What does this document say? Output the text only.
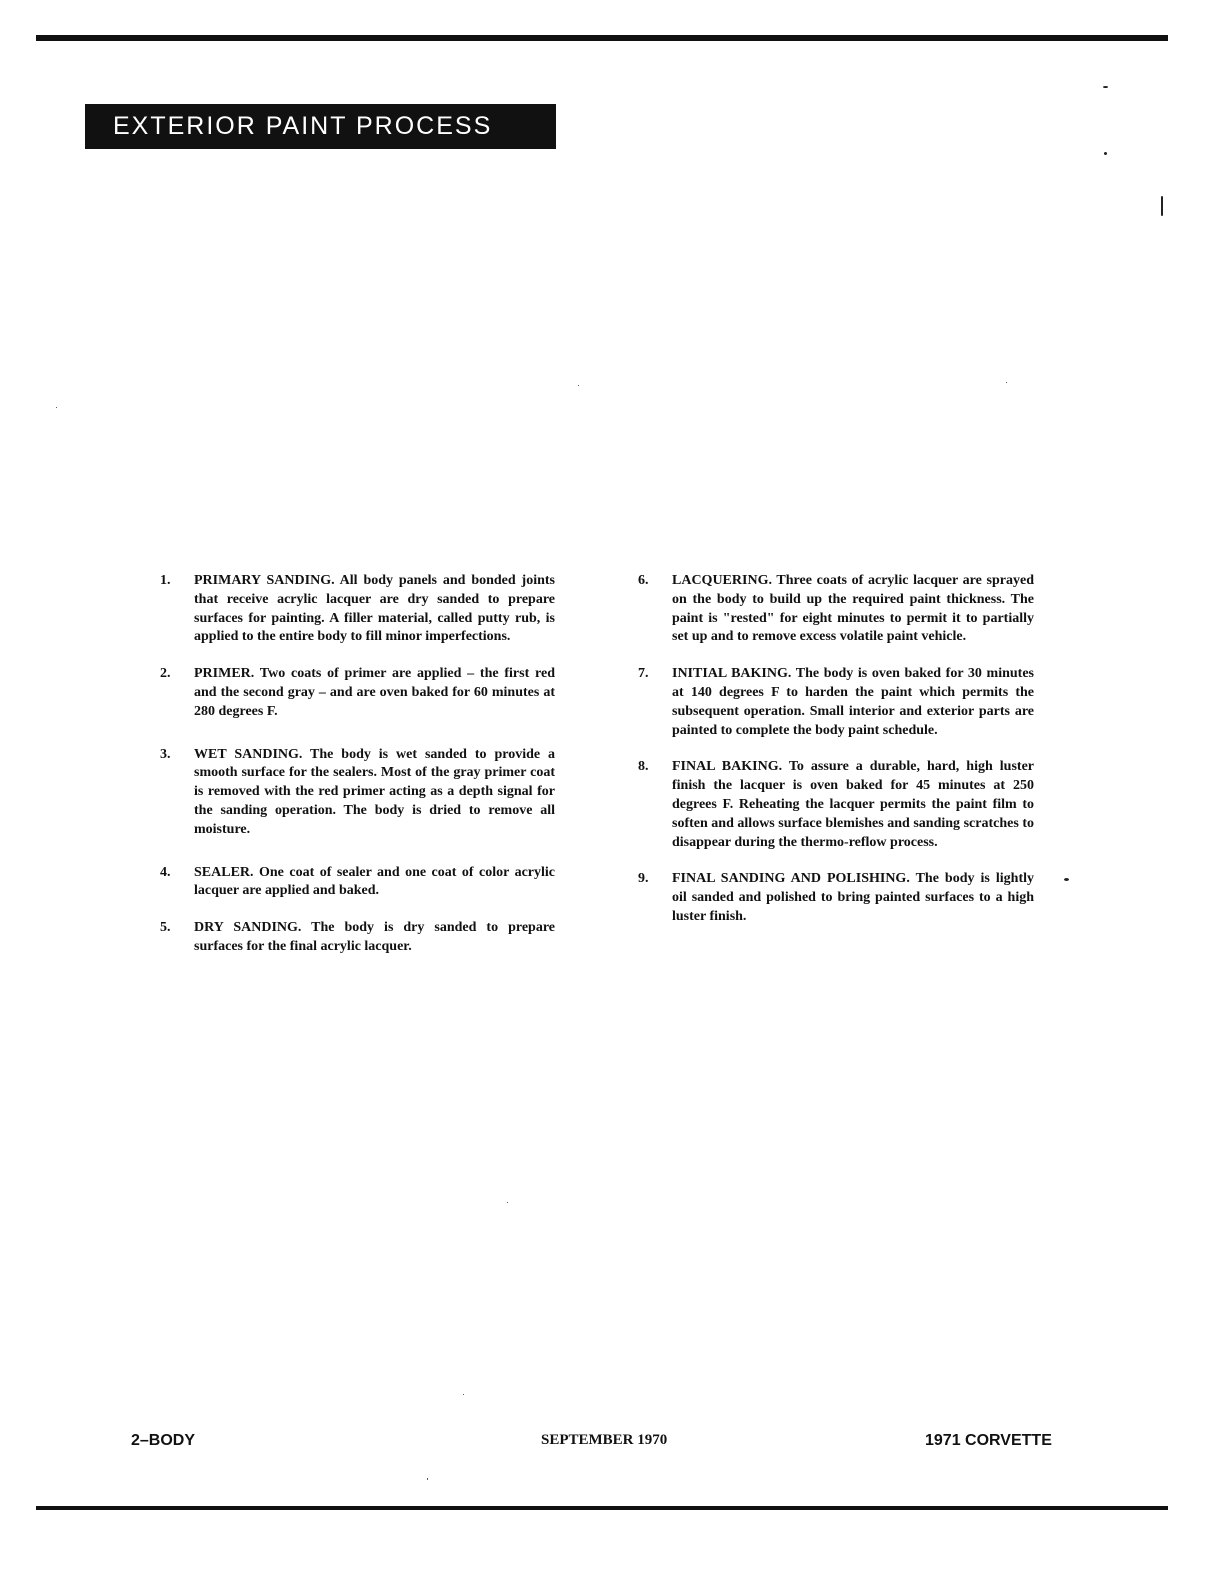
EXTERIOR PAINT PROCESS
1.	PRIMARY SANDING. All body panels and bonded joints that receive acrylic lacquer are dry sanded to prepare surfaces for painting. A filler material, called putty rub, is applied to the entire body to fill minor imperfections.
2.	PRIMER. Two coats of primer are applied – the first red and the second gray – and are oven baked for 60 minutes at 280 degrees F.
3.	WET SANDING. The body is wet sanded to provide a smooth surface for the sealers. Most of the gray primer coat is removed with the red primer acting as a depth signal for the sanding operation. The body is dried to remove all moisture.
4.	SEALER. One coat of sealer and one coat of color acrylic lacquer are applied and baked.
5.	DRY SANDING. The body is dry sanded to prepare surfaces for the final acrylic lacquer.
6.	LACQUERING. Three coats of acrylic lacquer are sprayed on the body to build up the required paint thickness. The paint is "rested" for eight minutes to permit it to partially set up and to remove excess volatile paint vehicle.
7.	INITIAL BAKING. The body is oven baked for 30 minutes at 140 degrees F to harden the paint which permits the subsequent operation. Small interior and exterior parts are painted to complete the body paint schedule.
8.	FINAL BAKING. To assure a durable, hard, high luster finish the lacquer is oven baked for 45 minutes at 250 degrees F. Reheating the lacquer permits the paint film to soften and allows surface blemishes and sanding scratches to disappear during the thermo-reflow process.
9.	FINAL SANDING AND POLISHING. The body is lightly oil sanded and polished to bring painted surfaces to a high luster finish.
2–BODY	SEPTEMBER 1970	1971 CORVETTE
